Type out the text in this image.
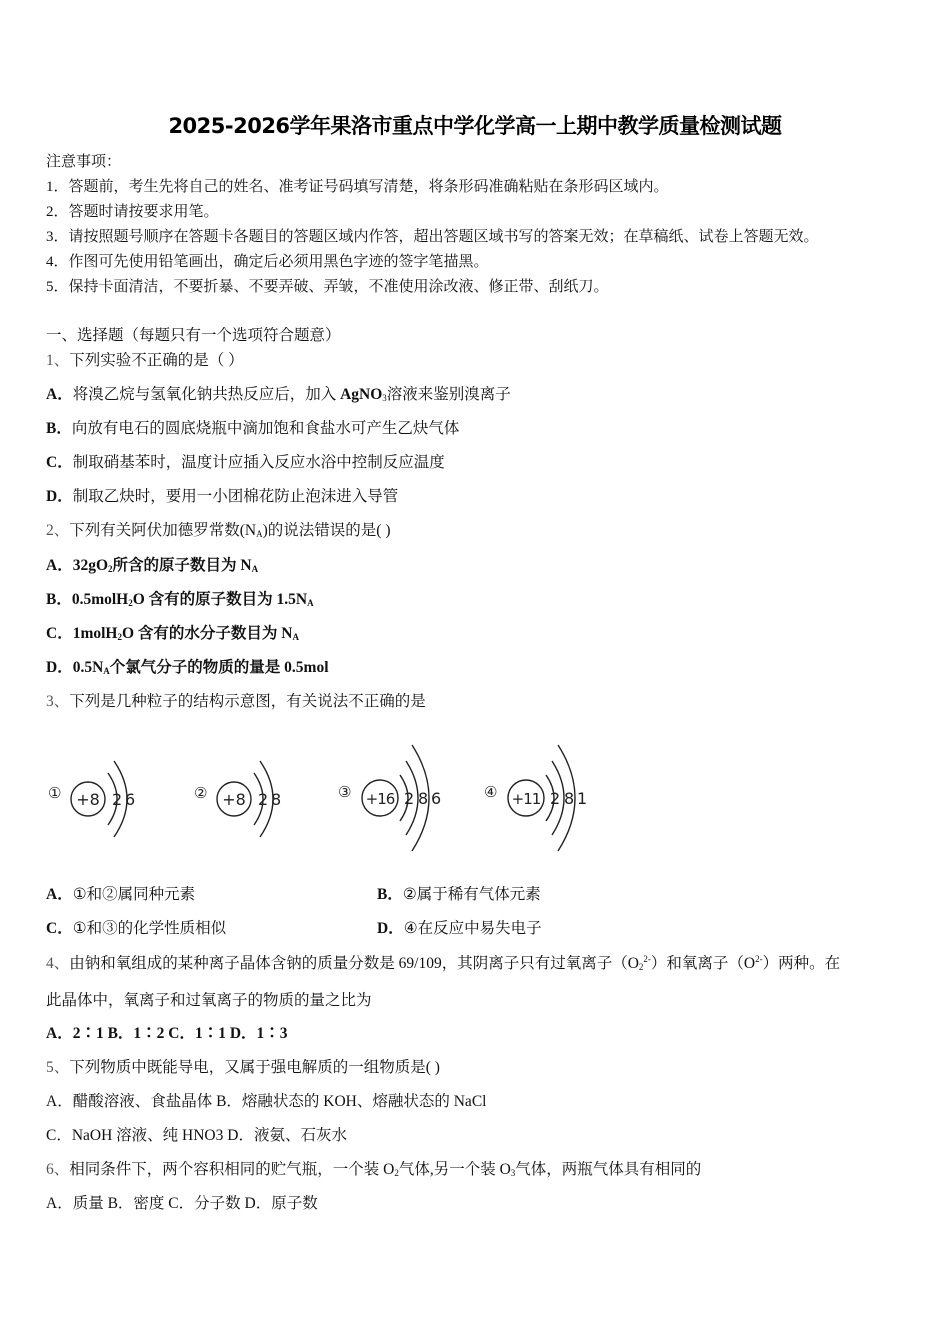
2025-2026学年果洛市重点中学化学高一上期中教学质量检测试题
注意事项：
1．答题前，考生先将自己的姓名、准考证号码填写清楚，将条形码准确粘贴在条形码区域内。
2．答题时请按要求用笔。
3．请按照题号顺序在答题卡各题目的答题区域内作答，超出答题区域书写的答案无效；在草稿纸、试卷上答题无效。
4．作图可先使用铅笔画出，确定后必须用黑色字迹的签字笔描黑。
5．保持卡面清洁，不要折暴、不要弄破、弄皱，不准使用涂改液、修正带、刮纸刀。
一、选择题（每题只有一个选项符合题意）
1、下列实验不正确的是（ ）
A．将溴乙烷与氢氧化钠共热反应后，加入 AgNO$_3$溶液来鉴别溴离子
B．向放有电石的圆底烧瓶中滴加饱和食盐水可产生乙炔气体
C．制取硝基苯时，温度计应插入反应水浴中控制反应温度
D．制取乙炔时，要用一小团棉花防止泡沫进入导管
2、下列有关阿伏加德罗常数$(N_A)$的说法错误的是( )
A．$32gO_2$所含的原子数目为 $N_A$
B．0.5molH$_2$O 含有的原子数目为 $1.5N_A$
C．1molH$_2$O 含有的水分子数目为 $N_A$
D．$0.5N_A$个氯气分子的物质的量是 0.5mol
3、下列是几种粒子的结构示意图，有关说法不正确的是
① +8 2 6	② +8 2 8	③ +16 2 8 6	④ +11 2 8 1
A．①和②属同种元素	B．②属于稀有气体元素
C．①和③的化学性质相似	D．④在反应中易失电子
4、由钠和氧组成的某种离子晶体含钠的质量分数是 69/109，其阴离子只有过氧离子$(O_2^{2-})$和氧离子$(O^{2-})$两种。在
此晶体中，氧离子和过氧离子的物质的量之比为
A．2∶1 B．1∶2 C．1∶1 D．1∶3
5、下列物质中既能导电，又属于强电解质的一组物质是( )
A．醋酸溶液、食盐晶体 B．熔融状态的 KOH、熔融状态的 NaCl
C．NaOH 溶液、纯 HNO3 D．液氨、石灰水
6、相同条件下，两个容积相同的贮气瓶，一个装 $O_2$气体,另一个装 $O_3$气体，两瓶气体具有相同的
A．质量 B．密度 C．分子数 D．原子数
